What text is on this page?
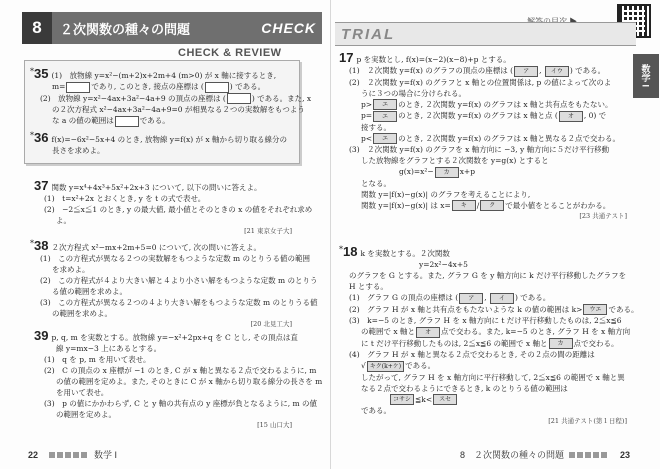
8	２次関数の種々の問題	CHECK
CHECK & REVIEW
*35 (1)　放物線 y=x²−(m+2)x+2m+4 (m>0) が x 軸に接するとき,
m=	であり, このとき, 接点の座標は (	) である。
(2)　放物線 y=x²−4ax+3a²−4a+9 の頂点の座標は (	) である。また, x
の２次方程式 x²−4ax+3a²−4a+9=0 が相異なる２つの実数解をもつよう
な a の値の範囲は	である。
*36 f(x)=−6x²−5x+4 のとき, 放物線 y=f(x) が x 軸から切り取る線分の
長さを求めよ。
37 関数 y=x⁴+4x³+5x²+2x+3 について, 以下の問いに答えよ。
(1)　t=x²+2x とおくとき, y を t の式で表せ。
(2)　−2≦x≦1 のとき, y の最大値, 最小値とそのときの x の値をそれぞれ求め
よ。
[21 東京女子大]
*38 ２次方程式 x²−mx+2m+5=0 について, 次の問いに答えよ。
(1)　この方程式が異なる２つの実数解をもつような定数 m のとりうる値の範囲
を求めよ。
(2)　この方程式が４より大きい解と４より小さい解をもつような定数 m のとりう
る値の範囲を求めよ。
(3)　この方程式が異なる２つの４より大きい解をもつような定数 m のとりうる値
の範囲を求めよ。
[20 北見工大]
39 p, q, m を実数とする。放物線 y=−x²+2px+q を C とし, その頂点は直
線 y=mx−3 上にあるとする。
(1)　q を p, m を用いて表せ。
(2)　C の頂点の x 座標が −1 のとき, C が x 軸と異なる２点で交わるように, m
の値の範囲を定めよ。また, そのときに C が x 軸から切り取る線分の長さを m
を用いて表せ。
(3)　p の値にかかわらず, C と y 軸の共有点の y 座標が負となるように, m の値
の範囲を定めよ。
[15 山口大]
22	数学 I
TRIAL
数学 I
17 p を実数とし, f(x)=(x−2)(x−8)+p とする。
(1)　２次関数 y=f(x) のグラフの頂点の座標は ( ア , イウ ) である。
(2)　２次関数 y=f(x) のグラフと x 軸との位置関係は, p の値によって次のよ
うに３つの場合に分けられる。
p> エ のとき, ２次関数 y=f(x) のグラフは x 軸と共有点をもたない。
p= エ のとき, ２次関数 y=f(x) のグラフは x 軸と点 ( オ , 0) で
接する。
p< エ のとき, ２次関数 y=f(x) のグラフは x 軸と異なる２点で交わる。
(3)　２次関数 y=f(x) のグラフを x 軸方向に −3, y 軸方向に５だけ平行移動
した放物線をグラフとする２次関数を y=g(x) とすると
g(x)=x²− カ x+p
となる。
関数 y=|f(x)−g(x)| のグラフを考えることにより,
関数 y=|f(x)−g(x)| は x= キ / ク で最小値をとることがわかる。
[23 共通テスト]
*18 k を実数とする。２次関数
y=2x²−4x+5
のグラフを G とする。また, グラフ G を y 軸方向に k だけ平行移動したグラフを
H とする。
(1)　グラフ G の頂点の座標は ( ア , イ ) である。
(2)　グラフ H が x 軸と共有点をもたないような k の値の範囲は k> ウエ である。
(3)　k=−5 のとき, グラフ H を x 軸方向に t だけ平行移動したものは, 2≦x≦6
の範囲で x 軸と オ 点で交わる。また, k=−5 のとき, グラフ H を x 軸方向
に t だけ平行移動したものは, 2≦x≦6 の範囲で x 軸と カ 点で交わる。
(4)　グラフ H が x 軸と異なる２点で交わるとき, その２点の間の距離は
√ キク(k+ケ) である。
したがって, グラフ H を x 軸方向に平行移動して, 2≦x≦6 の範囲で x 軸と異
なる２点で交わるようにできるとき, k のとりうる値の範囲は
コサシ ≦k< スセ
である。
[21 共通テスト(第１日程)]
8　２次関数の種々の問題	23
